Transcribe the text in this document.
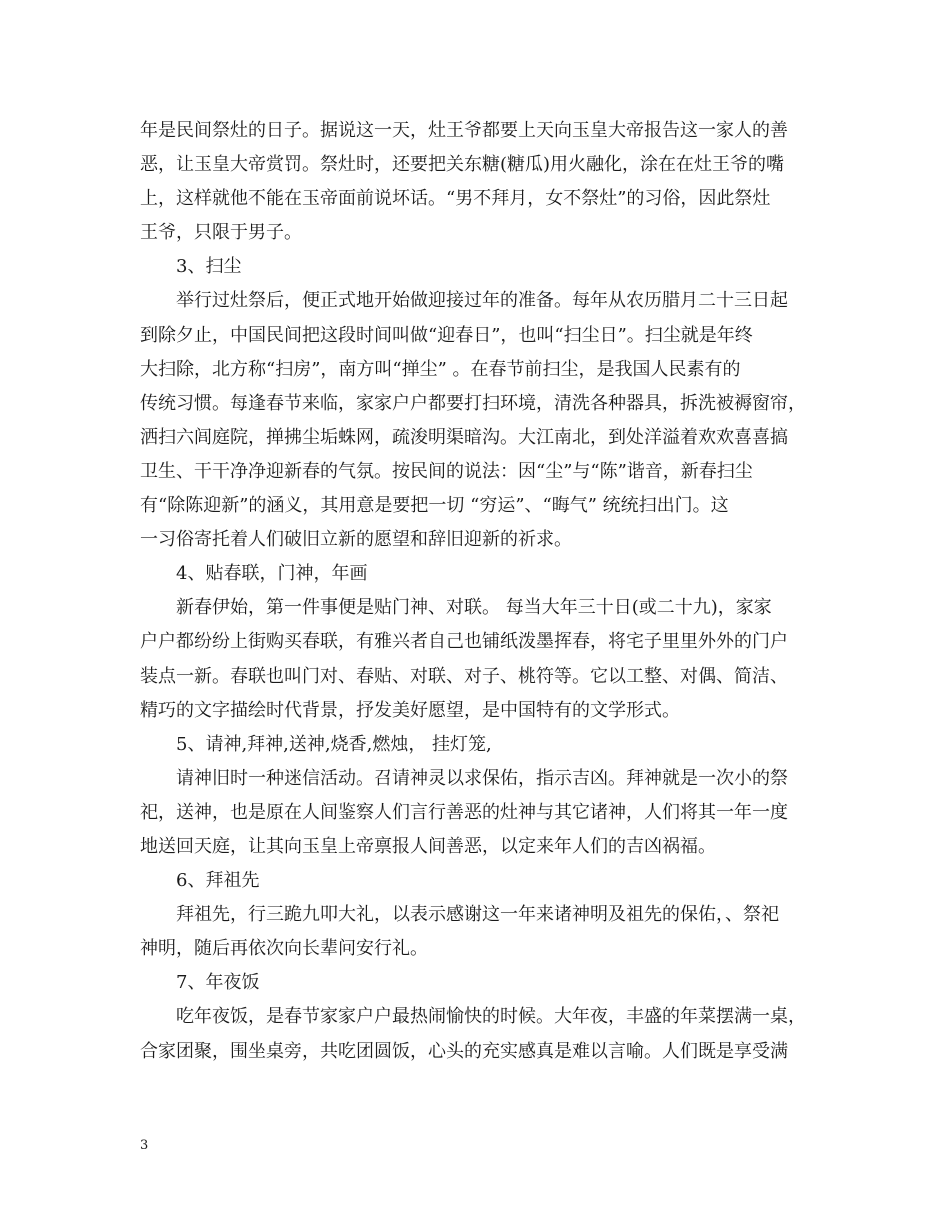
年是民间祭灶的日子。据说这一天，灶王爷都要上天向玉皇大帝报告这一家人的善
恶，让玉皇大帝赏罚。祭灶时，还要把关东糖(糖瓜)用火融化，涂在在灶王爷的嘴
上，这样就他不能在玉帝面前说坏话。“男不拜月，女不祭灶”的习俗，因此祭灶
王爷，只限于男子。
3、扫尘
举行过灶祭后，便正式地开始做迎接过年的准备。每年从农历腊月二十三日起
到除夕止，中国民间把这段时间叫做“迎春日”，也叫“扫尘日”。扫尘就是年终
大扫除，北方称“扫房”，南方叫“掸尘” 。在春节前扫尘，是我国人民素有的
传统习惯。每逢春节来临，家家户户都要打扫环境，清洗各种器具，拆洗被褥窗帘，
洒扫六闾庭院，掸拂尘垢蛛网，疏浚明渠暗沟。大江南北，到处洋溢着欢欢喜喜搞
卫生、干干净净迎新春的气氛。按民间的说法：因“尘”与“陈”谐音，新春扫尘
有“除陈迎新”的涵义，其用意是要把一切 “穷运”、“晦气” 统统扫出门。这
一习俗寄托着人们破旧立新的愿望和辞旧迎新的祈求。
4、贴春联，门神，年画
新春伊始，第一件事便是贴门神、对联。 每当大年三十日(或二十九)，家家
户户都纷纷上街购买春联，有雅兴者自己也铺纸泼墨挥春，将宅子里里外外的门户
装点一新。春联也叫门对、春贴、对联、对子、桃符等。它以工整、对偶、简洁、
精巧的文字描绘时代背景，抒发美好愿望，是中国特有的文学形式。
5、请神,拜神,送神,烧香,燃烛， 挂灯笼,
请神旧时一种迷信活动。召请神灵以求保佑，指示吉凶。拜神就是一次小的祭
祀，送神，也是原在人间鉴察人们言行善恶的灶神与其它诸神，人们将其一年一度
地送回天庭，让其向玉皇上帝禀报人间善恶，以定来年人们的吉凶祸福。
6、拜祖先
拜祖先，行三跪九叩大礼，以表示感谢这一年来诸神明及祖先的保佑，、祭祀
神明，随后再依次向长辈问安行礼。
7、年夜饭
吃年夜饭，是春节家家户户最热闹愉快的时候。大年夜，丰盛的年菜摆满一桌，
合家团聚，围坐桌旁，共吃团圆饭，心头的充实感真是难以言喻。人们既是享受满
3
